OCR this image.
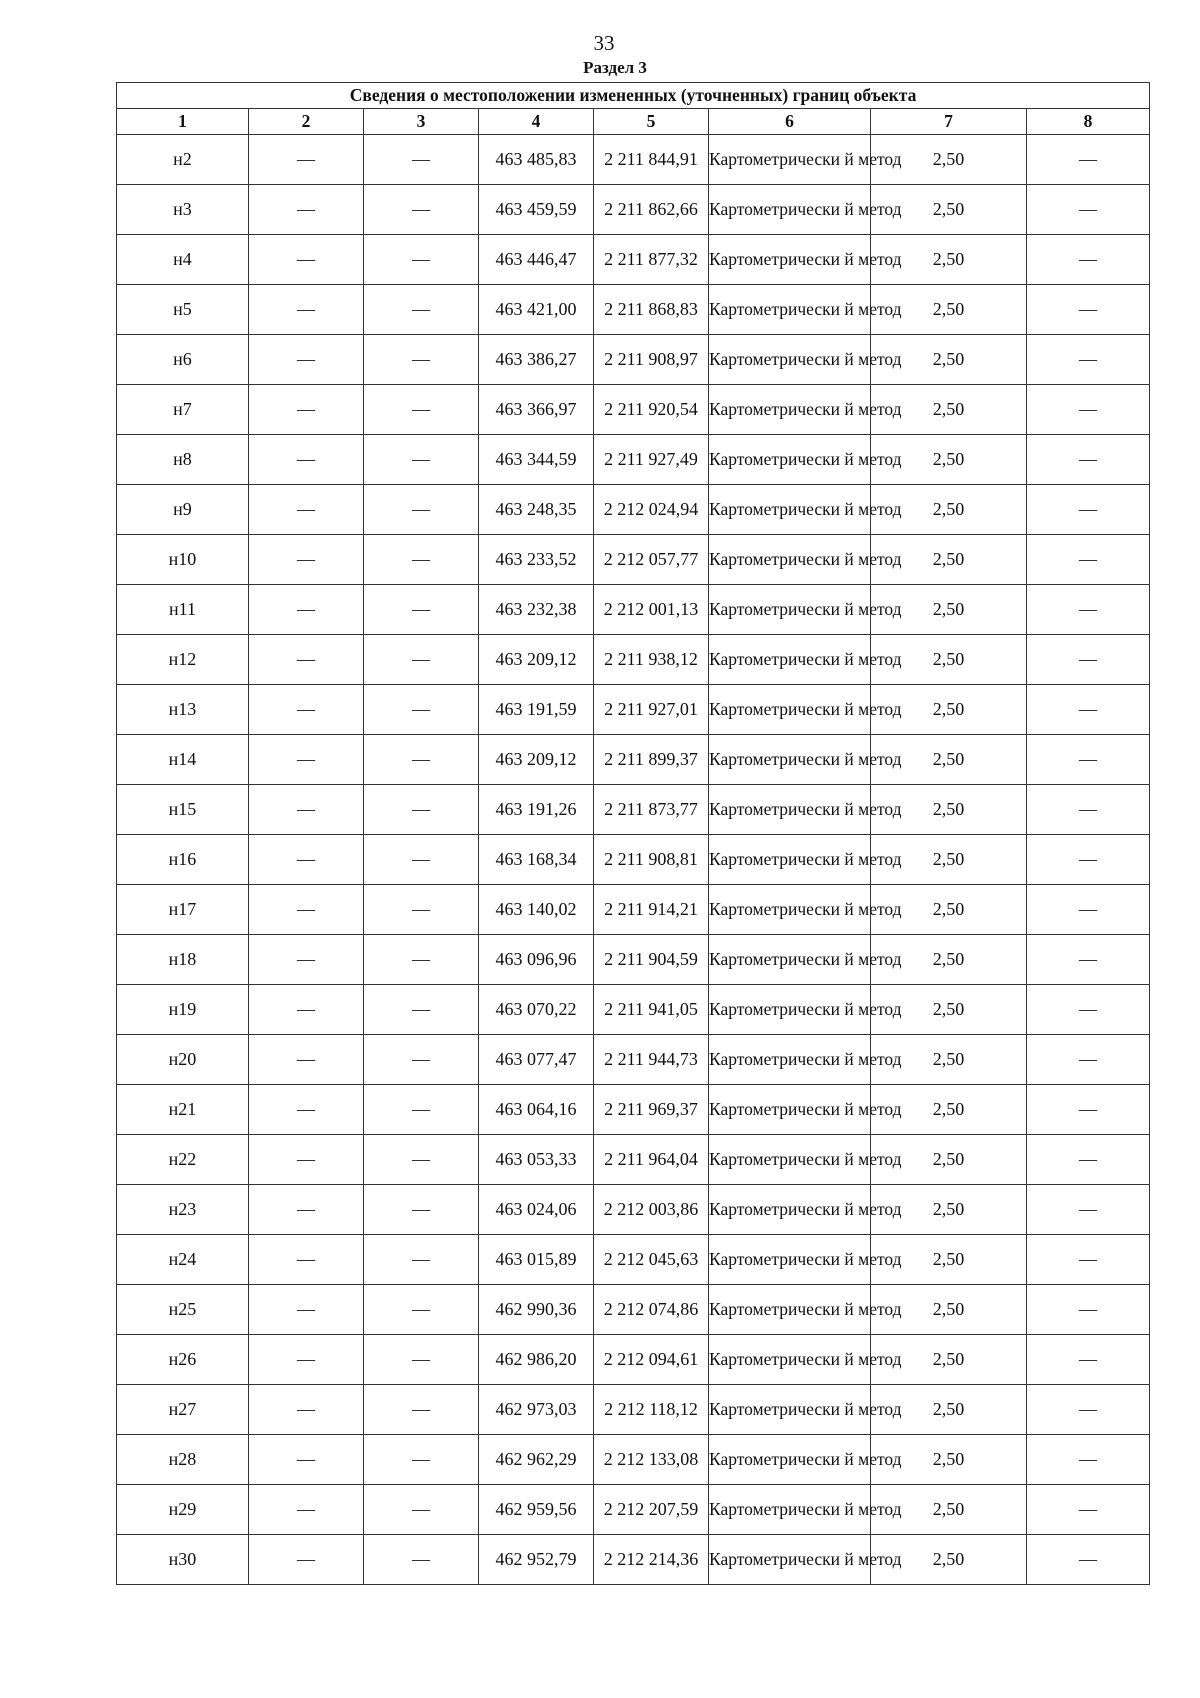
33
Раздел 3
Сведения о местоположении измененных (уточненных) границ объекта							
1	2	3	4	5	6	7	8
н2	—	—	463 485,83	2 211 844,91	Картометрически й метод	2,50	—
н3	—	—	463 459,59	2 211 862,66	Картометрически й метод	2,50	—
н4	—	—	463 446,47	2 211 877,32	Картометрически й метод	2,50	—
н5	—	—	463 421,00	2 211 868,83	Картометрически й метод	2,50	—
н6	—	—	463 386,27	2 211 908,97	Картометрически й метод	2,50	—
н7	—	—	463 366,97	2 211 920,54	Картометрически й метод	2,50	—
н8	—	—	463 344,59	2 211 927,49	Картометрически й метод	2,50	—
н9	—	—	463 248,35	2 212 024,94	Картометрически й метод	2,50	—
н10	—	—	463 233,52	2 212 057,77	Картометрически й метод	2,50	—
н11	—	—	463 232,38	2 212 001,13	Картометрически й метод	2,50	—
н12	—	—	463 209,12	2 211 938,12	Картометрически й метод	2,50	—
н13	—	—	463 191,59	2 211 927,01	Картометрически й метод	2,50	—
н14	—	—	463 209,12	2 211 899,37	Картометрически й метод	2,50	—
н15	—	—	463 191,26	2 211 873,77	Картометрически й метод	2,50	—
н16	—	—	463 168,34	2 211 908,81	Картометрически й метод	2,50	—
н17	—	—	463 140,02	2 211 914,21	Картометрически й метод	2,50	—
н18	—	—	463 096,96	2 211 904,59	Картометрически й метод	2,50	—
н19	—	—	463 070,22	2 211 941,05	Картометрически й метод	2,50	—
н20	—	—	463 077,47	2 211 944,73	Картометрически й метод	2,50	—
н21	—	—	463 064,16	2 211 969,37	Картометрически й метод	2,50	—
н22	—	—	463 053,33	2 211 964,04	Картометрически й метод	2,50	—
н23	—	—	463 024,06	2 212 003,86	Картометрически й метод	2,50	—
н24	—	—	463 015,89	2 212 045,63	Картометрически й метод	2,50	—
н25	—	—	462 990,36	2 212 074,86	Картометрически й метод	2,50	—
н26	—	—	462 986,20	2 212 094,61	Картометрически й метод	2,50	—
н27	—	—	462 973,03	2 212 118,12	Картометрически й метод	2,50	—
н28	—	—	462 962,29	2 212 133,08	Картометрически й метод	2,50	—
н29	—	—	462 959,56	2 212 207,59	Картометрически й метод	2,50	—
н30	—	—	462 952,79	2 212 214,36	Картометрически й метод	2,50	—
